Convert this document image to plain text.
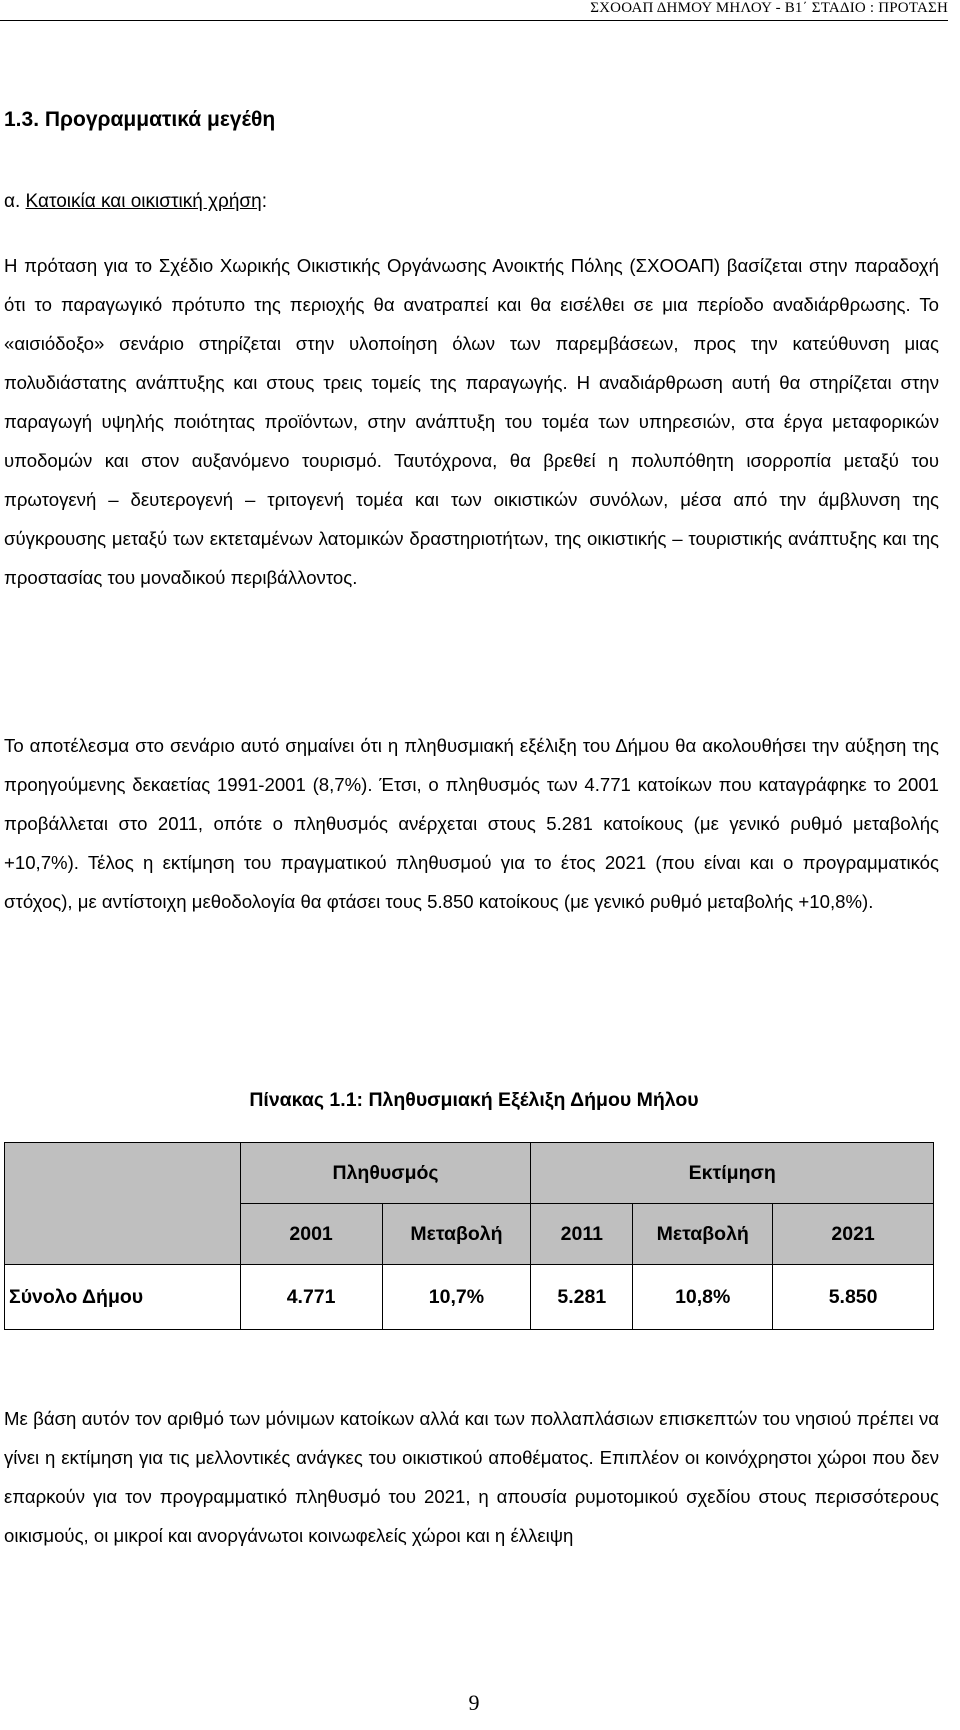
ΣΧΟΟΑΠ ΔΗΜΟΥ ΜΗΛΟΥ - Β1΄ ΣΤΑΔΙΟ : ΠΡΟΤΑΣΗ
1.3. Προγραμματικά μεγέθη
α. Κατοικία και οικιστική χρήση:

Η πρόταση για το Σχέδιο Χωρικής Οικιστικής Οργάνωσης Ανοικτής Πόλης (ΣΧΟΟΑΠ) βασίζεται στην παραδοχή ότι το παραγωγικό πρότυπο της περιοχής θα ανατραπεί και θα εισέλθει σε μια περίοδο αναδιάρθρωσης. Το «αισιόδοξο» σενάριο στηρίζεται στην υλοποίηση όλων των παρεμβάσεων, προς την κατεύθυνση μιας πολυδιάστατης ανάπτυξης και στους τρεις τομείς της παραγωγής. Η αναδιάρθρωση αυτή θα στηρίζεται στην παραγωγή υψηλής ποιότητας προϊόντων, στην ανάπτυξη του τομέα των υπηρεσιών, στα έργα μεταφορικών υποδομών και στον αυξανόμενο τουρισμό. Ταυτόχρονα, θα βρεθεί η πολυπόθητη ισορροπία μεταξύ του πρωτογενή – δευτερογενή – τριτογενή τομέα και των οικιστικών συνόλων, μέσα από την άμβλυνση της σύγκρουσης μεταξύ των εκτεταμένων λατομικών δραστηριοτήτων, της οικιστικής – τουριστικής ανάπτυξης και της προστασίας του μοναδικού περιβάλλοντος.

Το αποτέλεσμα στο σενάριο αυτό σημαίνει ότι η πληθυσμιακή εξέλιξη του Δήμου θα ακολουθήσει την αύξηση της προηγούμενης δεκαετίας 1991-2001 (8,7%). Έτσι, ο πληθυσμός των 4.771 κατοίκων που καταγράφηκε το 2001 προβάλλεται στο 2011, οπότε ο πληθυσμός ανέρχεται στους 5.281 κατοίκους (με γενικό ρυθμό μεταβολής +10,7%). Τέλος η εκτίμηση του πραγματικού πληθυσμού για το έτος 2021 (που είναι και ο προγραμματικός στόχος), με αντίστοιχη μεθοδολογία θα φτάσει τους 5.850 κατοίκους (με γενικό ρυθμό μεταβολής +10,8%).

Πίνακας 1.1: Πληθυσμιακή Εξέλιξη Δήμου Μήλου
	Πληθυσμός		Εκτίμηση		
	2001	Μεταβολή	2011	Μεταβολή	2021
Σύνολο Δήμου	4.771	10,7%	5.281	10,8%	5.850

Με βάση αυτόν τον αριθμό των μόνιμων κατοίκων αλλά και των πολλαπλάσιων επισκεπτών του νησιού πρέπει να γίνει η εκτίμηση για τις μελλοντικές ανάγκες του οικιστικού αποθέματος. Επιπλέον οι κοινόχρηστοι χώροι που δεν επαρκούν για τον προγραμματικό πληθυσμό του 2021, η απουσία ρυμοτομικού σχεδίου στους περισσότερους οικισμούς, οι μικροί και ανοργάνωτοι κοινωφελείς χώροι και η έλλειψη

9
